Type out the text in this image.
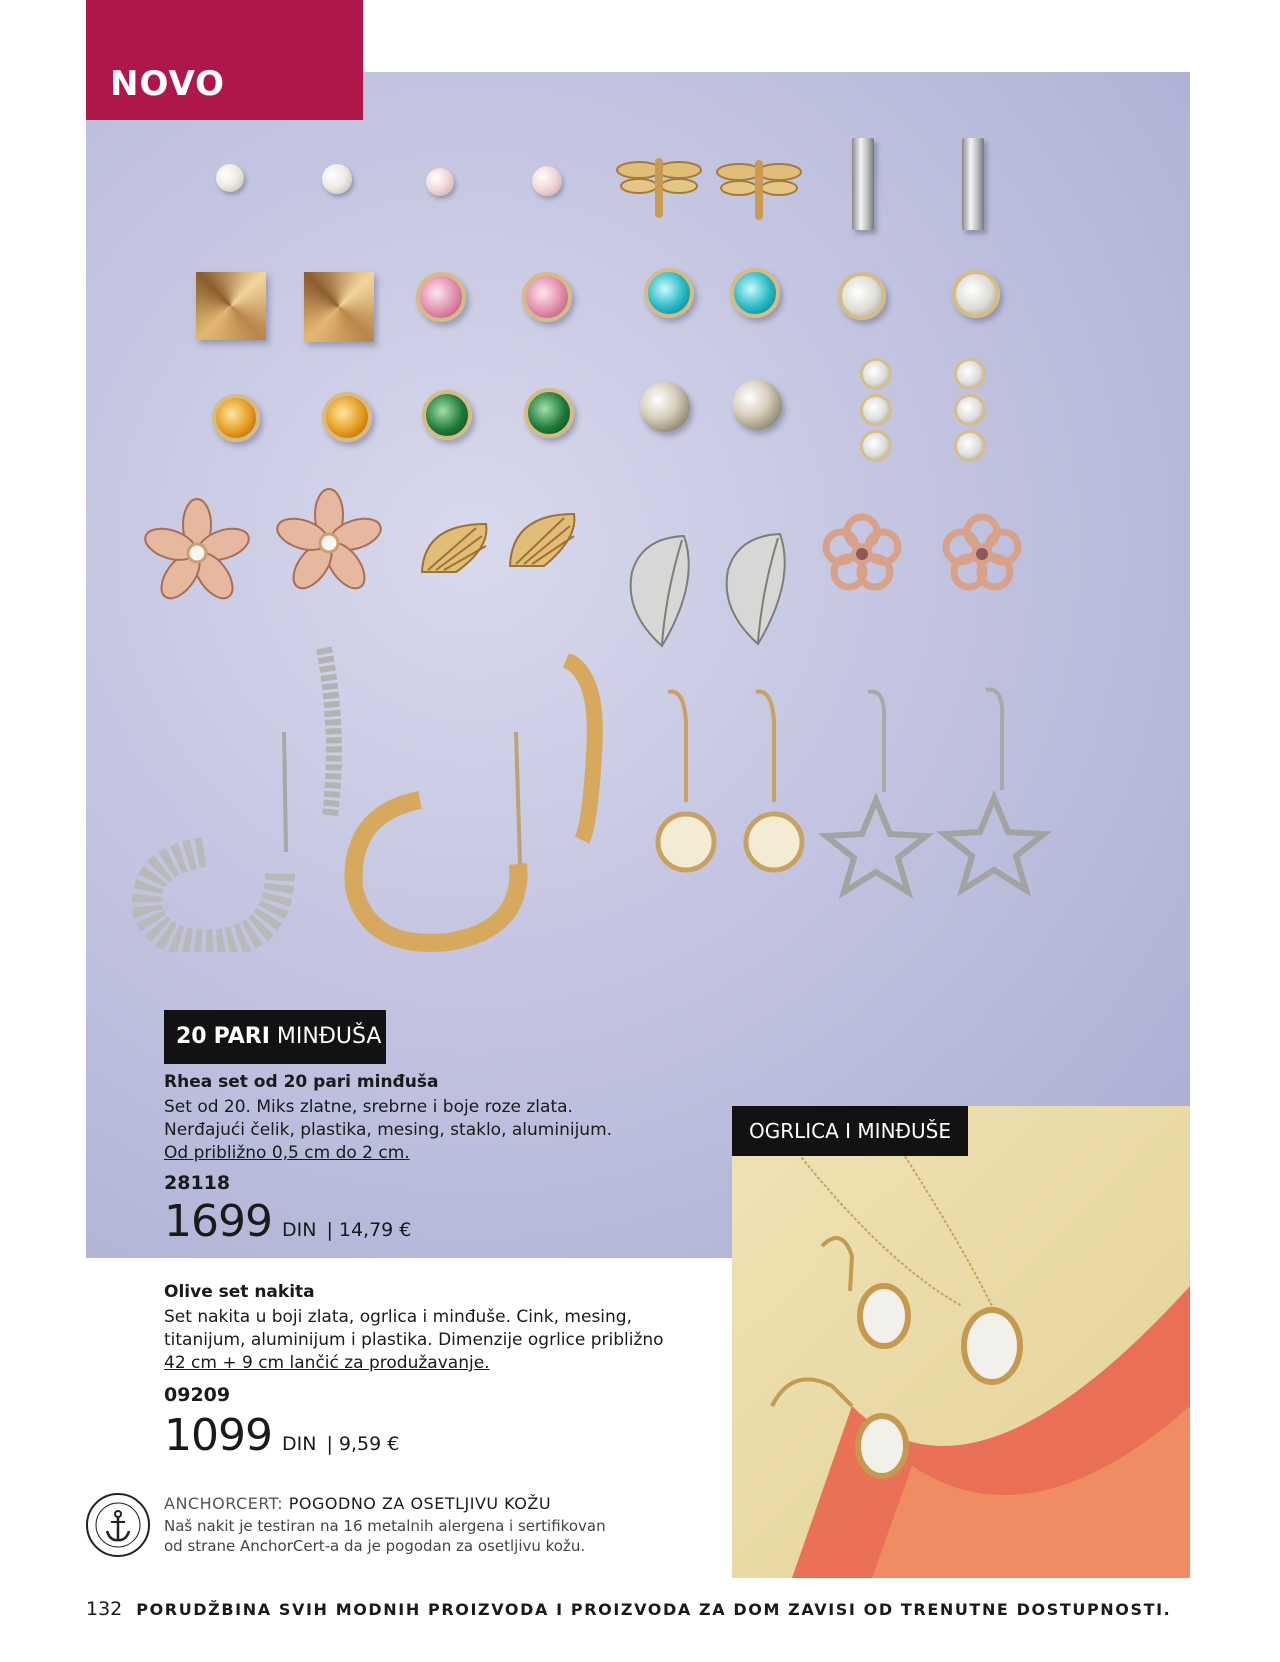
NOVO
20 PARI MINĐUŠA
Rhea set od 20 pari minđuša
Set od 20. Miks zlatne, srebrne i boje roze zlata.
Nerđajući čelik, plastika, mesing, staklo, aluminijum.
Od približno 0,5 cm do 2 cm.
28118
1699 DIN | 14,79 €
OGRLICA I MINĐUŠE
Olive set nakita
Set nakita u boji zlata, ogrlica i minđuše. Cink, mesing,
titanijum, aluminijum i plastika. Dimenzije ogrlice približno
42 cm + 9 cm lančić za produžavanje.
09209
1099 DIN | 9,59 €
ANCHORCERT: POGODNO ZA OSETLJIVU KOŽU
Naš nakit je testiran na 16 metalnih alergena i sertifikovan
od strane AnchorCert-a da je pogodan za osetljivu kožu.
132 PORUDŽBINA SVIH MODNIH PROIZVODA I PROIZVODA ZA DOM ZAVISI OD TRENUTNE DOSTUPNOSTI.
